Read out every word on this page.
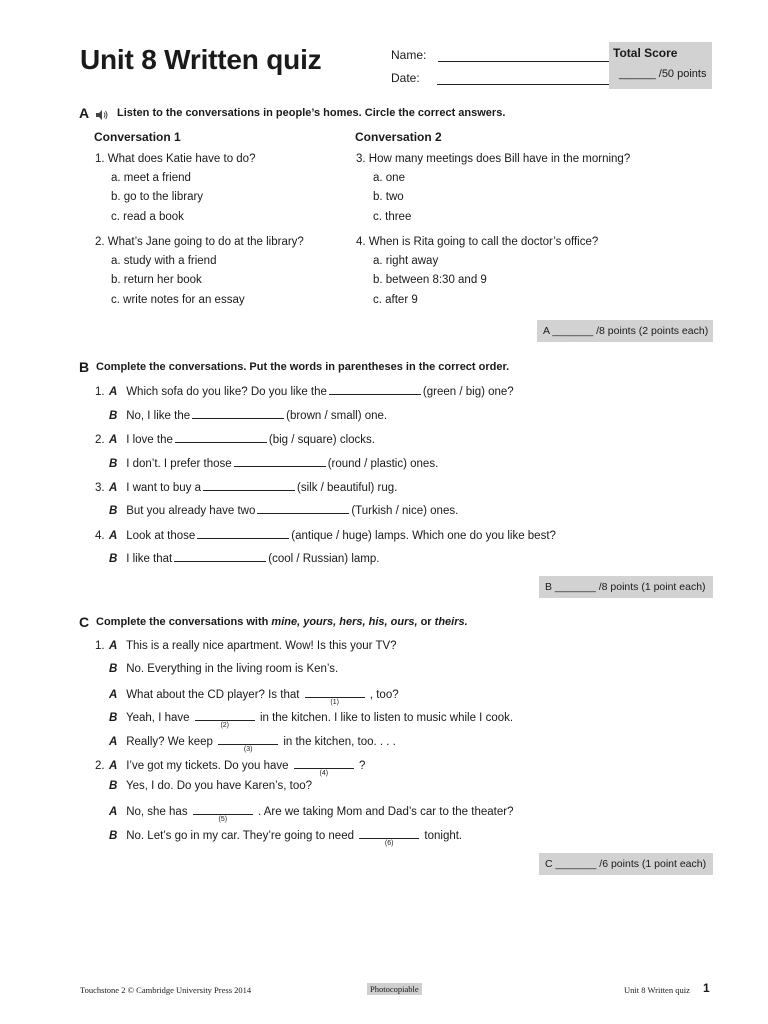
Unit 8 Written quiz	Name:
Date:
Total Score
______ /50 points
A	Listen to the conversations in people’s homes. Circle the correct answers.
Conversation 1	Conversation 2
1. What does Katie have to do?
a. meet a friend
b. go to the library
c. read a book
2. What’s Jane going to do at the library?
a. study with a friend
b. return her book
c. write notes for an essay
3. How many meetings does Bill have in the morning?
a. one
b. two
c. three
4. When is Rita going to call the doctor’s office?
a. right away
b. between 8:30 and 9
c. after 9
A _______ /8 points (2 points each)
B Complete the conversations. Put the words in parentheses in the correct order.
1. A Which sofa do you like? Do you like the	(green / big) one?
B No, I like the	(brown / small) one.
2. A I love the	(big / square) clocks.
B I don’t. I prefer those	(round / plastic) ones.
3. A I want to buy a	(silk / beautiful) rug.
B But you already have two	(Turkish / nice) ones.
4. A Look at those	(antique / huge) lamps. Which one do you like best?
B I like that	(cool / Russian) lamp.
B _______ /8 points (1 point each)
C Complete the conversations with mine, yours, hers, his, ours, or theirs.
1. A This is a really nice apartment. Wow! Is this your TV?
B No. Everything in the living room is Ken’s.
A What about the CD player? Is that
(1)
, too?
B Yeah, I have
(2)
in the kitchen. I like to listen to music while I cook.
A Really? We keep
(3)
in the kitchen, too. . . .
2. A I’ve got my tickets. Do you have
(4)
?
B Yes, I do. Do you have Karen’s, too?
A No, she has
(5)
. Are we taking Mom and Dad’s car to the theater?
B No. Let’s go in my car. They’re going to need
(6)
tonight.
C _______ /6 points (1 point each)
Touchstone 2 © Cambridge University Press 2014	Photocopiable	Unit 8 Written quiz 1
